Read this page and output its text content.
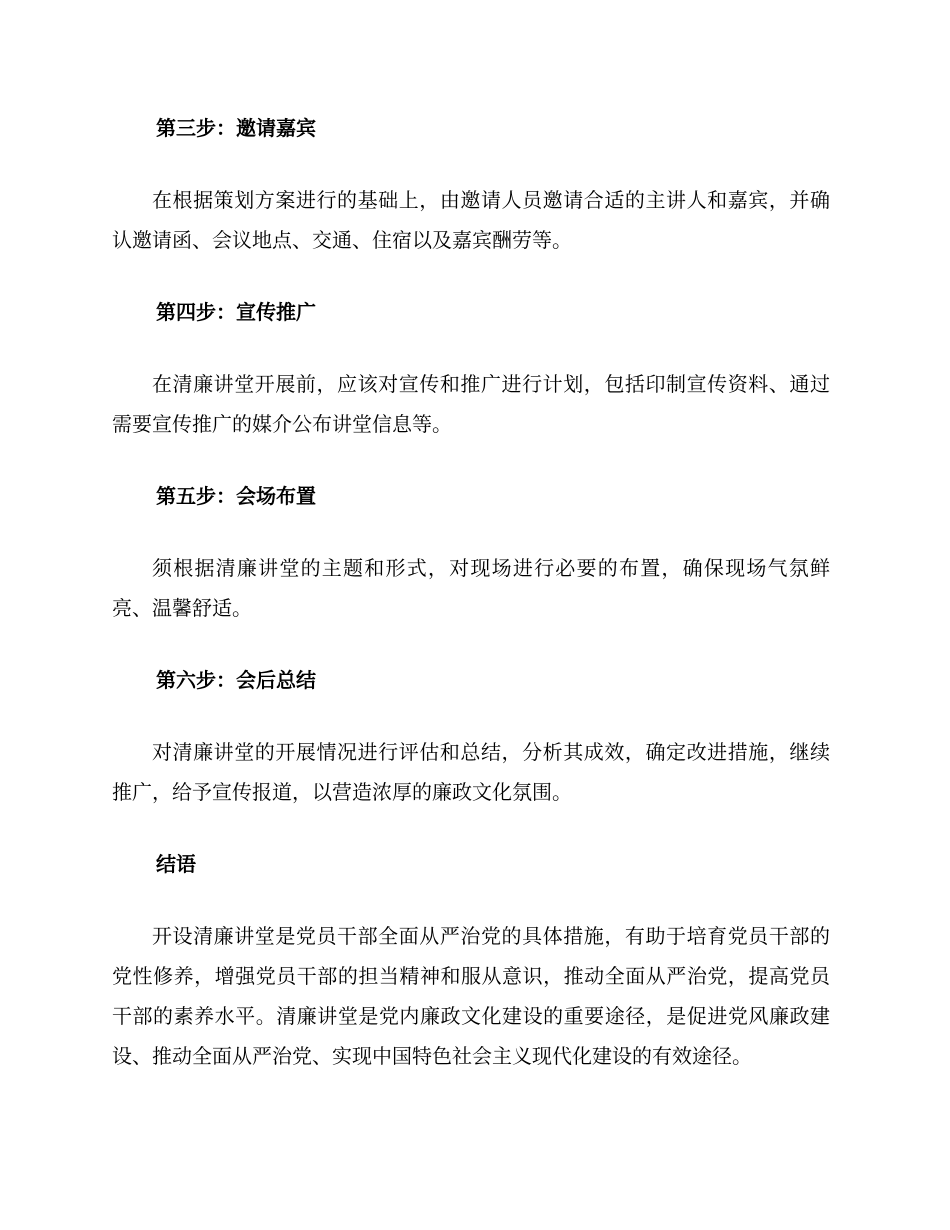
第三步：邀请嘉宾

在根据策划方案进行的基础上，由邀请人员邀请合适的主讲人和嘉宾，并确认邀请函、会议地点、交通、住宿以及嘉宾酬劳等。

第四步：宣传推广

在清廉讲堂开展前，应该对宣传和推广进行计划，包括印制宣传资料、通过需要宣传推广的媒介公布讲堂信息等。

第五步：会场布置

须根据清廉讲堂的主题和形式，对现场进行必要的布置，确保现场气氛鲜亮、温馨舒适。

第六步：会后总结

对清廉讲堂的开展情况进行评估和总结，分析其成效，确定改进措施，继续推广，给予宣传报道，以营造浓厚的廉政文化氛围。

结语

开设清廉讲堂是党员干部全面从严治党的具体措施，有助于培育党员干部的党性修养，增强党员干部的担当精神和服从意识，推动全面从严治党，提高党员干部的素养水平。清廉讲堂是党内廉政文化建设的重要途径，是促进党风廉政建设、推动全面从严治党、实现中国特色社会主义现代化建设的有效途径。
